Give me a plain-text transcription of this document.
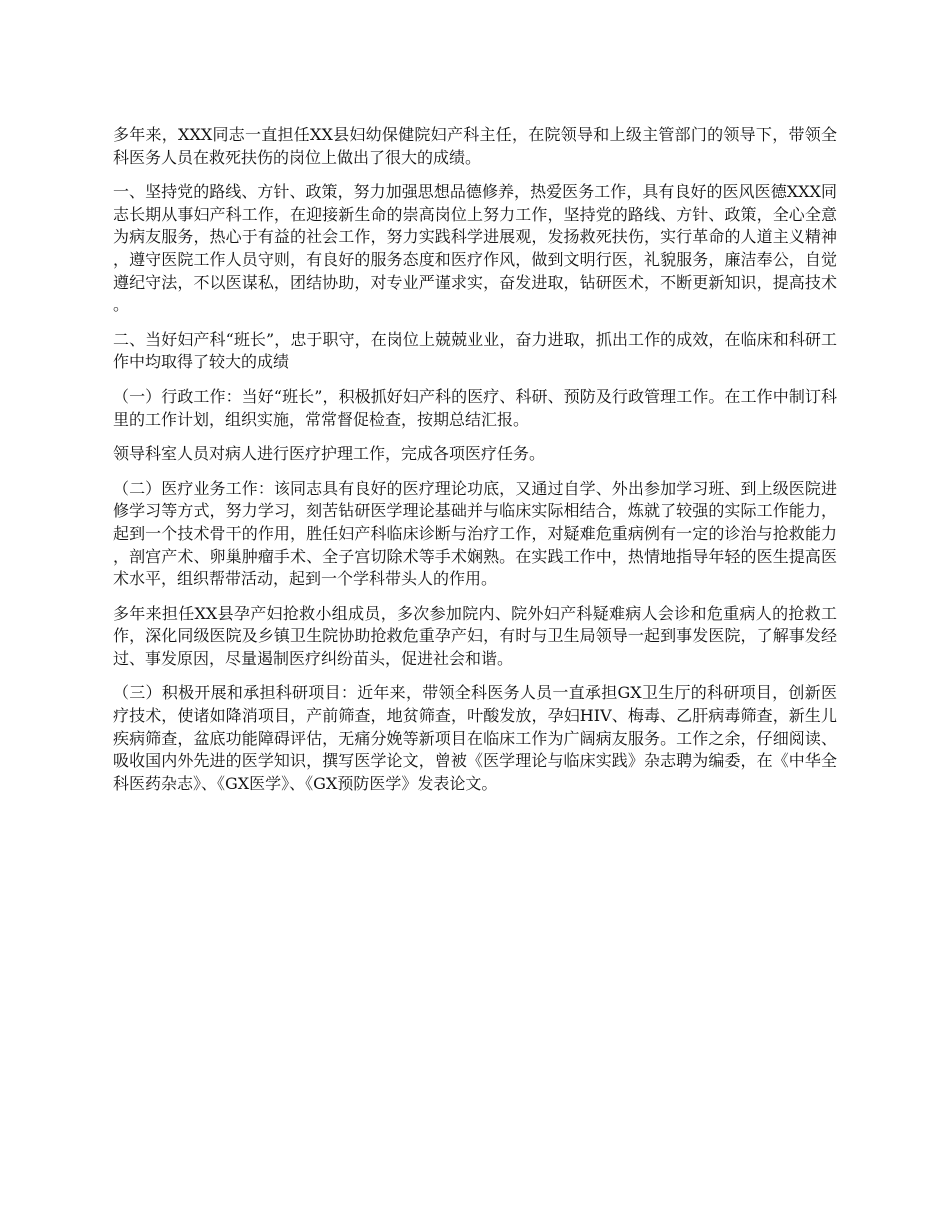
多年来，XXX同志一直担任XX县妇幼保健院妇产科主任，在院领导和上级主管部门的领导下，带领全科医务人员在救死扶伤的岗位上做出了很大的成绩。

一、坚持党的路线、方针、政策，努力加强思想品德修养，热爱医务工作，具有良好的医风医德XXX同志长期从事妇产科工作，在迎接新生命的崇高岗位上努力工作，坚持党的路线、方针、政策，全心全意为病友服务，热心于有益的社会工作，努力实践科学进展观，发扬救死扶伤，实行革命的人道主义精神，遵守医院工作人员守则，有良好的服务态度和医疗作风，做到文明行医，礼貌服务，廉洁奉公，自觉遵纪守法，不以医谋私，团结协助，对专业严谨求实，奋发进取，钻研医术，不断更新知识，提高技术。

二、当好妇产科“班长”，忠于职守，在岗位上兢兢业业，奋力进取，抓出工作的成效，在临床和科研工作中均取得了较大的成绩

（一）行政工作：当好“班长”，积极抓好妇产科的医疗、科研、预防及行政管理工作。在工作中制订科里的工作计划，组织实施，常常督促检查，按期总结汇报。

领导科室人员对病人进行医疗护理工作，完成各项医疗任务。

（二）医疗业务工作：该同志具有良好的医疗理论功底，又通过自学、外出参加学习班、到上级医院进修学习等方式，努力学习，刻苦钻研医学理论基础并与临床实际相结合，炼就了较强的实际工作能力，起到一个技术骨干的作用，胜任妇产科临床诊断与治疗工作，对疑难危重病例有一定的诊治与抢救能力，剖宫产术、卵巢肿瘤手术、全子宫切除术等手术娴熟。在实践工作中，热情地指导年轻的医生提高医术水平，组织帮带活动，起到一个学科带头人的作用。

多年来担任XX县孕产妇抢救小组成员，多次参加院内、院外妇产科疑难病人会诊和危重病人的抢救工作，深化同级医院及乡镇卫生院协助抢救危重孕产妇，有时与卫生局领导一起到事发医院，了解事发经过、事发原因，尽量遏制医疗纠纷苗头，促进社会和谐。

（三）积极开展和承担科研项目：近年来，带领全科医务人员一直承担GX卫生厅的科研项目，创新医疗技术，使诸如降消项目，产前筛查，地贫筛查，叶酸发放，孕妇HIV、梅毒、乙肝病毒筛查，新生儿疾病筛查，盆底功能障碍评估，无痛分娩等新项目在临床工作为广阔病友服务。工作之余，仔细阅读、吸收国内外先进的医学知识，撰写医学论文，曾被《医学理论与临床实践》杂志聘为编委，在《中华全科医药杂志》、《GX医学》、《GX预防医学》发表论文。
